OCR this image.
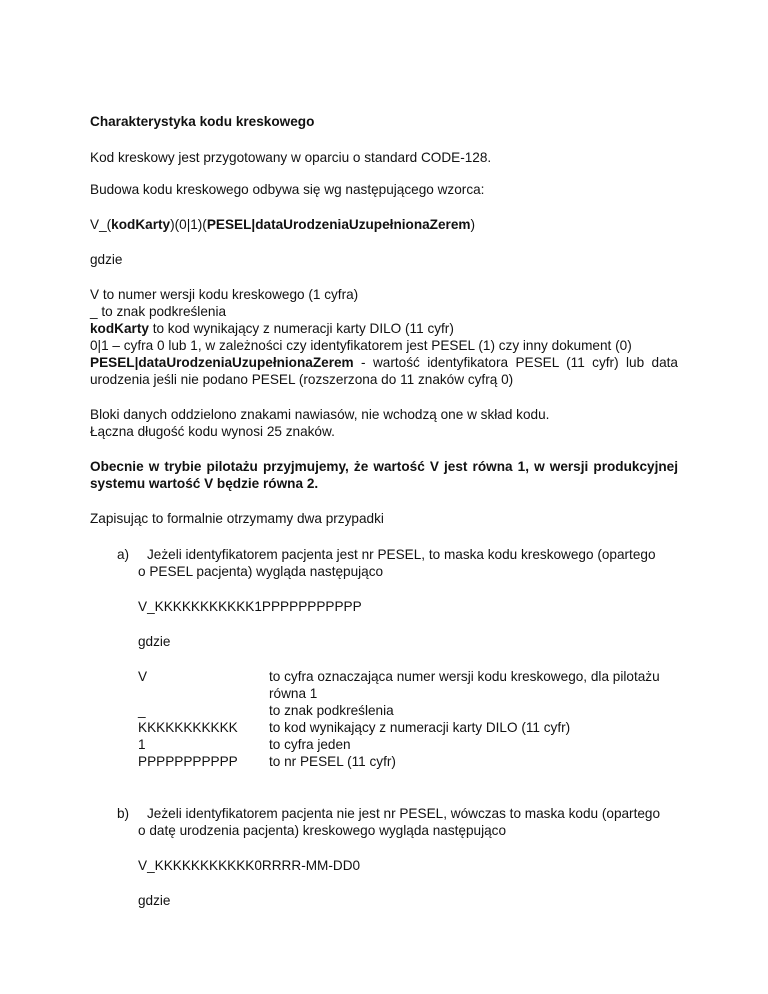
Charakterystyka kodu kreskowego
Kod kreskowy jest przygotowany w oparciu o standard CODE-128.
Budowa kodu kreskowego odbywa się wg następującego wzorca:
V_(kodKarty)(0|1)(PESEL|dataUrodzeniaUzupełnionaZerem)
gdzie
V to numer wersji kodu kreskowego (1 cyfra)
_ to znak podkreślenia
kodKarty to kod wynikający z numeracji karty DILO (11 cyfr)
0|1 – cyfra 0 lub 1, w zależności czy identyfikatorem jest PESEL (1) czy inny dokument (0)
PESEL|dataUrodzeniaUzupełnionaZerem - wartość identyfikatora PESEL (11 cyfr) lub data urodzenia jeśli nie podano PESEL (rozszerzona do 11 znaków cyfrą 0)
Bloki danych oddzielono znakami nawiasów, nie wchodzą one w skład kodu.
Łączna długość kodu wynosi 25 znaków.
Obecnie w trybie pilotażu przyjmujemy, że wartość V jest równa 1, w wersji produkcyjnej systemu wartość V będzie równa 2.
Zapisując to formalnie otrzymamy dwa przypadki
a) Jeżeli identyfikatorem pacjenta jest nr PESEL, to maska kodu kreskowego (opartego
o PESEL pacjenta) wygląda następująco
V_KKKKKKKKKKK1PPPPPPPPPPP
gdzie
V	to cyfra oznaczająca numer wersji kodu kreskowego, dla pilotażu równa 1
_	to znak podkreślenia
KKKKKKKKKKK to kod wynikający z numeracji karty DILO (11 cyfr)
1	to cyfra jeden
PPPPPPPPPPP to nr PESEL (11 cyfr)
b) Jeżeli identyfikatorem pacjenta nie jest nr PESEL, wówczas to maska kodu (opartego
o datę urodzenia pacjenta) kreskowego wygląda następująco
V_KKKKKKKKKKK0RRRR-MM-DD0
gdzie
